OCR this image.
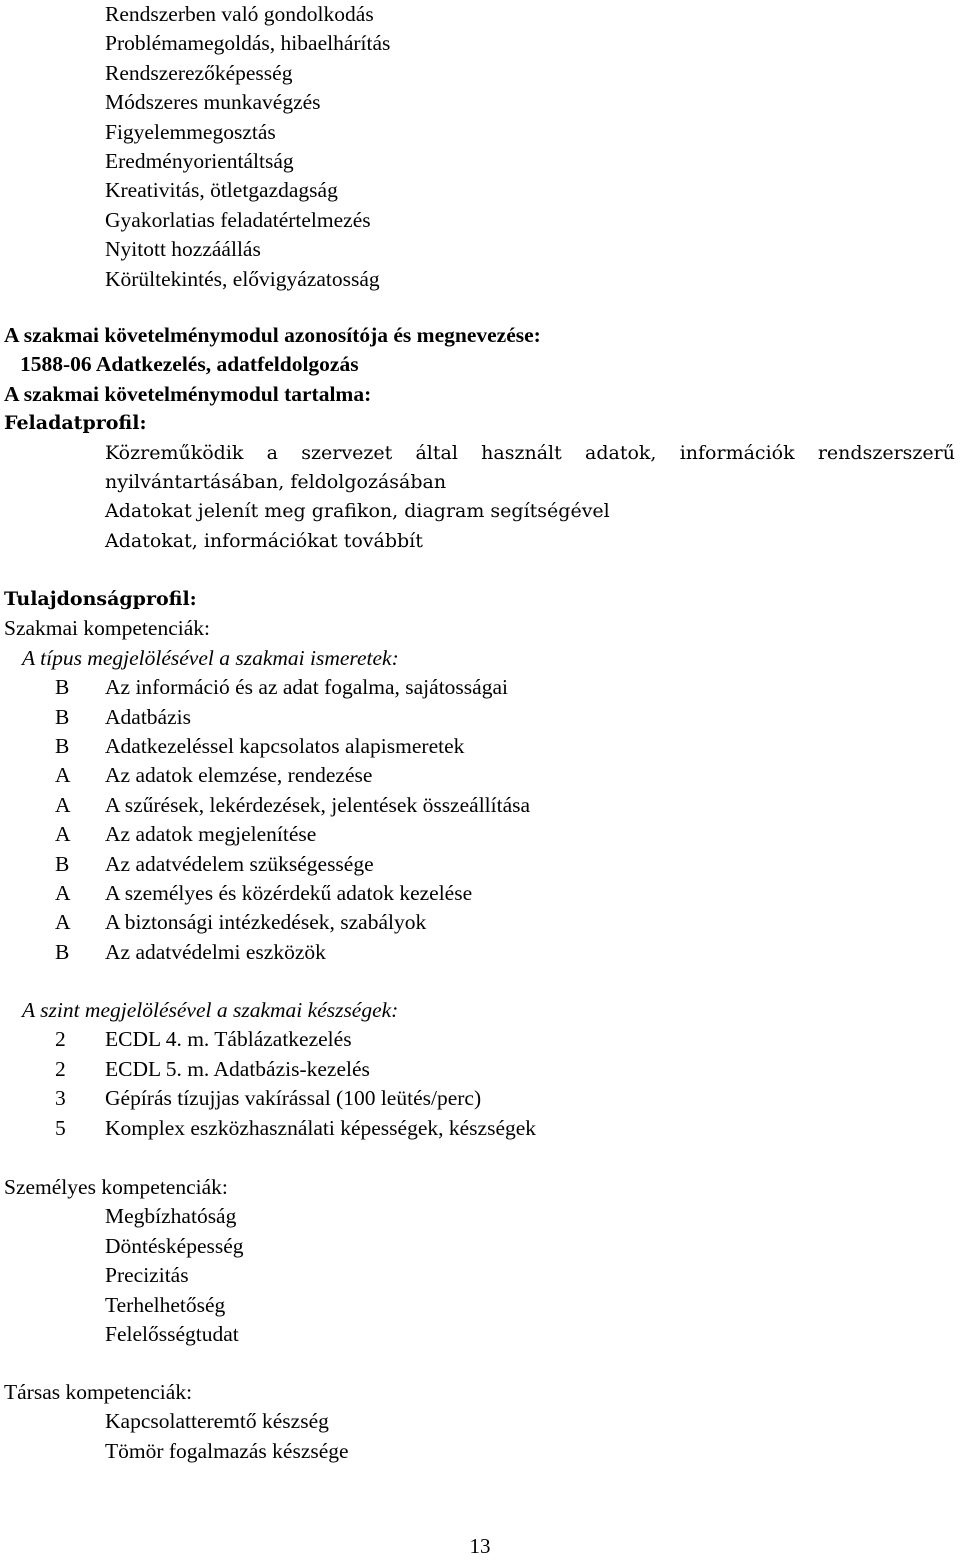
Rendszerben való gondolkodás
Problémamegoldás, hibaelhárítás
Rendszerezőképesség
Módszeres munkavégzés
Figyelemmegosztás
Eredményorientáltság
Kreativitás, ötletgazdagság
Gyakorlatias feladatértelmezés
Nyitott hozzáállás
Körültekintés, elővigyázatosság
A szakmai követelménymodul azonosítója és megnevezése:
1588-06 Adatkezelés, adatfeldolgozás
A szakmai követelménymodul tartalma:
Feladatprofil:
Közreműködik a szervezet által használt adatok, információk rendszerszerű
nyilvántartásában, feldolgozásában
Adatokat jelenít meg grafikon, diagram segítségével
Adatokat, információkat továbbít
Tulajdonságprofil:
Szakmai kompetenciák:
A típus megjelölésével a szakmai ismeretek:
B	Az információ és az adat fogalma, sajátosságai
B	Adatbázis
B	Adatkezeléssel kapcsolatos alapismeretek
A	Az adatok elemzése, rendezése
A	A szűrések, lekérdezések, jelentések összeállítása
A	Az adatok megjelenítése
B	Az adatvédelem szükségessége
A	A személyes és közérdekű adatok kezelése
A	A biztonsági intézkedések, szabályok
B	Az adatvédelmi eszközök
A szint megjelölésével a szakmai készségek:
2	ECDL 4. m. Táblázatkezelés
2	ECDL 5. m. Adatbázis-kezelés
3	Gépírás tízujjas vakírással (100 leütés/perc)
5	Komplex eszközhasználati képességek, készségek
Személyes kompetenciák:
Megbízhatóság
Döntésképesség
Precizitás
Terhelhetőség
Felelősségtudat
Társas kompetenciák:
Kapcsolatteremtő készség
Tömör fogalmazás készsége
13
